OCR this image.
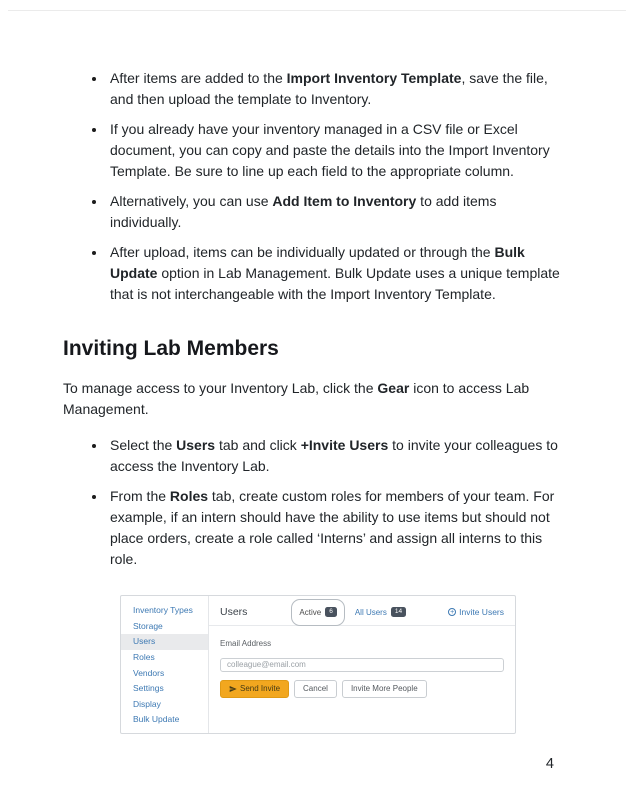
• After items are added to the Import Inventory Template, save the file, and then upload the template to Inventory.
• If you already have your inventory managed in a CSV file or Excel document, you can copy and paste the details into the Import Inventory Template. Be sure to line up each field to the appropriate column.
• Alternatively, you can use Add Item to Inventory to add items individually.
• After upload, items can be individually updated or through the Bulk Update option in Lab Management. Bulk Update uses a unique template that is not interchangeable with the Import Inventory Template.
Inviting Lab Members

To manage access to your Inventory Lab, click the Gear icon to access Lab Management.

• Select the Users tab and click +Invite Users to invite your colleagues to access the Inventory Lab.
• From the Roles tab, create custom roles for members of your team. For example, if an intern should have the ability to use items but should not place orders, create a role called ‘Interns’ and assign all interns to this role.
Inventory Types
Storage
Users
Roles
Vendors
Settings
Display
Bulk Update
Users	Active	6	All Users	14	+ Invite Users
Email Address
colleague@email.com
Send Invite	Cancel	Invite More People
4
